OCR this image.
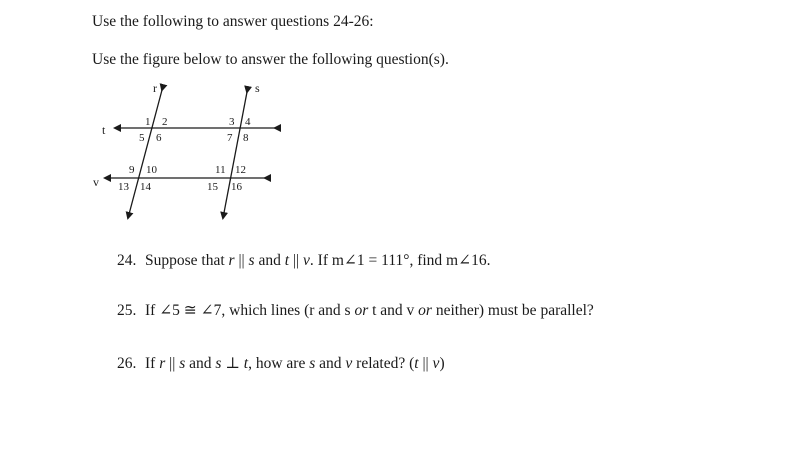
Use the following to answer questions 24-26:
Use the figure below to answer the following question(s).
r	s
t
v
1 2
5 6
3 4
7 8
9 10
13 14
11 12
15 16
24. Suppose that r || s and t || v. If m∠1 = 111°, find m∠16.
25. If ∠5 ≅ ∠7, which lines (r and s or t and v or neither) must be parallel?
26. If r || s and s ⊥ t, how are s and v related? (t || v)
